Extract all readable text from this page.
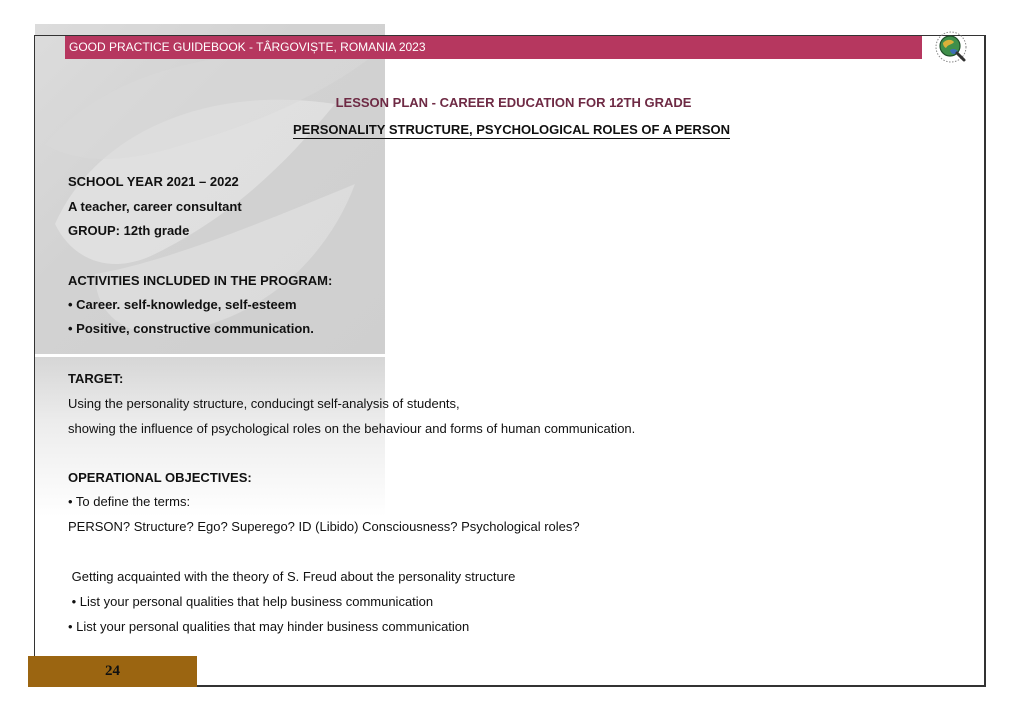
GOOD PRACTICE GUIDEBOOK - TÂRGOVIȘTE, ROMANIA 2023
LESSON PLAN - CAREER EDUCATION FOR 12TH GRADE
PERSONALITY STRUCTURE, PSYCHOLOGICAL ROLES OF A PERSON
SCHOOL YEAR 2021 – 2022
A teacher, career consultant
GROUP: 12th grade
ACTIVITIES INCLUDED IN THE PROGRAM:
• Career. self-knowledge, self-esteem
• Positive, constructive communication.
TARGET:
Using the personality structure, conducingt self-analysis of students,
showing the influence of psychological roles on the behaviour and forms of human communication.
OPERATIONAL OBJECTIVES:
• To define the terms:
PERSON? Structure? Ego? Superego? ID (Libido) Consciousness? Psychological roles?
Getting acquainted with the theory of S. Freud about the personality structure
• List your personal qualities that help business communication
• List your personal qualities that may hinder business communication
24
